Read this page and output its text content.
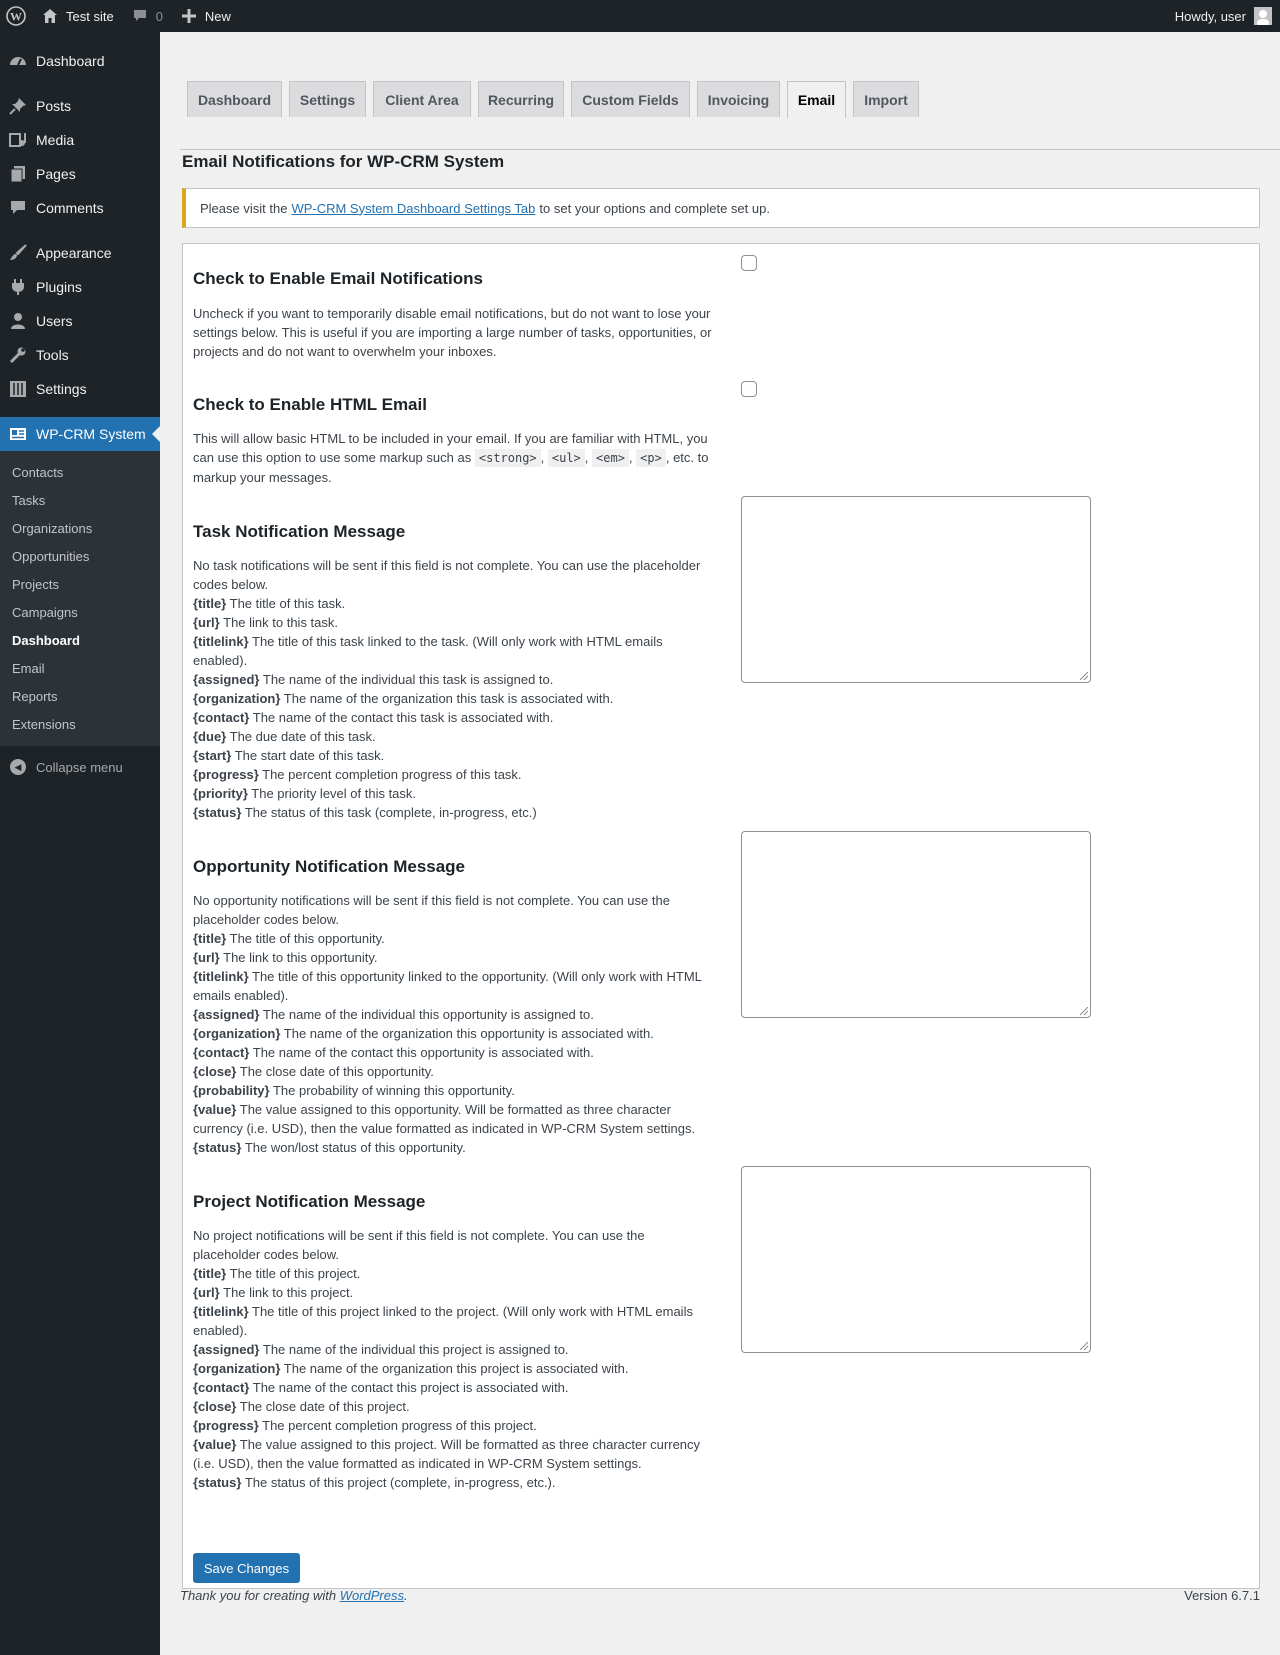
W	Test site	0	New	Howdy, user
Dashboard
Posts
Media
Pages
Comments
Appearance
Plugins
Users
Tools
Settings
WP-CRM System
Contacts
Tasks
Organizations
Opportunities
Projects
Campaigns
Dashboard
Email
Reports
Extensions
◀	Collapse menu
Dashboard	Settings	Client Area	Recurring	Custom Fields	Invoicing	Email	Import
Email Notifications for WP-CRM System
Please visit the WP-CRM System Dashboard Settings Tab to set your options and complete set up.
Check to Enable Email Notifications
Uncheck if you want to temporarily disable email notifications, but do not want to lose your settings below. This is useful if you are importing a large number of tasks, opportunities, or projects and do not want to overwhelm your inboxes.
Check to Enable HTML Email
This will allow basic HTML to be included in your email. If you are familiar with HTML, you can use this option to use some markup such as <strong> , <ul> , <em> , <p> , etc. to markup your messages.
Task Notification Message
No task notifications will be sent if this field is not complete. You can use the placeholder codes below.
{title} The title of this task.
{url} The link to this task.
{titlelink} The title of this task linked to the task. (Will only work with HTML emails enabled).
{assigned} The name of the individual this task is assigned to.
{organization} The name of the organization this task is associated with.
{contact} The name of the contact this task is associated with.
{due} The due date of this task.
{start} The start date of this task.
{progress} The percent completion progress of this task.
{priority} The priority level of this task.
{status} The status of this task (complete, in-progress, etc.)
Opportunity Notification Message
No opportunity notifications will be sent if this field is not complete. You can use the placeholder codes below.
{title} The title of this opportunity.
{url} The link to this opportunity.
{titlelink} The title of this opportunity linked to the opportunity. (Will only work with HTML emails enabled).
{assigned} The name of the individual this opportunity is assigned to.
{organization} The name of the organization this opportunity is associated with.
{contact} The name of the contact this opportunity is associated with.
{close} The close date of this opportunity.
{probability} The probability of winning this opportunity.
{value} The value assigned to this opportunity. Will be formatted as three character currency (i.e. USD), then the value formatted as indicated in WP-CRM System settings.
{status} The won/lost status of this opportunity.
Project Notification Message
No project notifications will be sent if this field is not complete. You can use the placeholder codes below.
{title} The title of this project.
{url} The link to this project.
{titlelink} The title of this project linked to the project. (Will only work with HTML emails enabled).
{assigned} The name of the individual this project is assigned to.
{organization} The name of the organization this project is associated with.
{contact} The name of the contact this project is associated with.
{close} The close date of this project.
{progress} The percent completion progress of this project.
{value} The value assigned to this project. Will be formatted as three character currency (i.e. USD), then the value formatted as indicated in WP-CRM System settings.
{status} The status of this project (complete, in-progress, etc.).
Save Changes
Thank you for creating with WordPress.	Version 6.7.1
